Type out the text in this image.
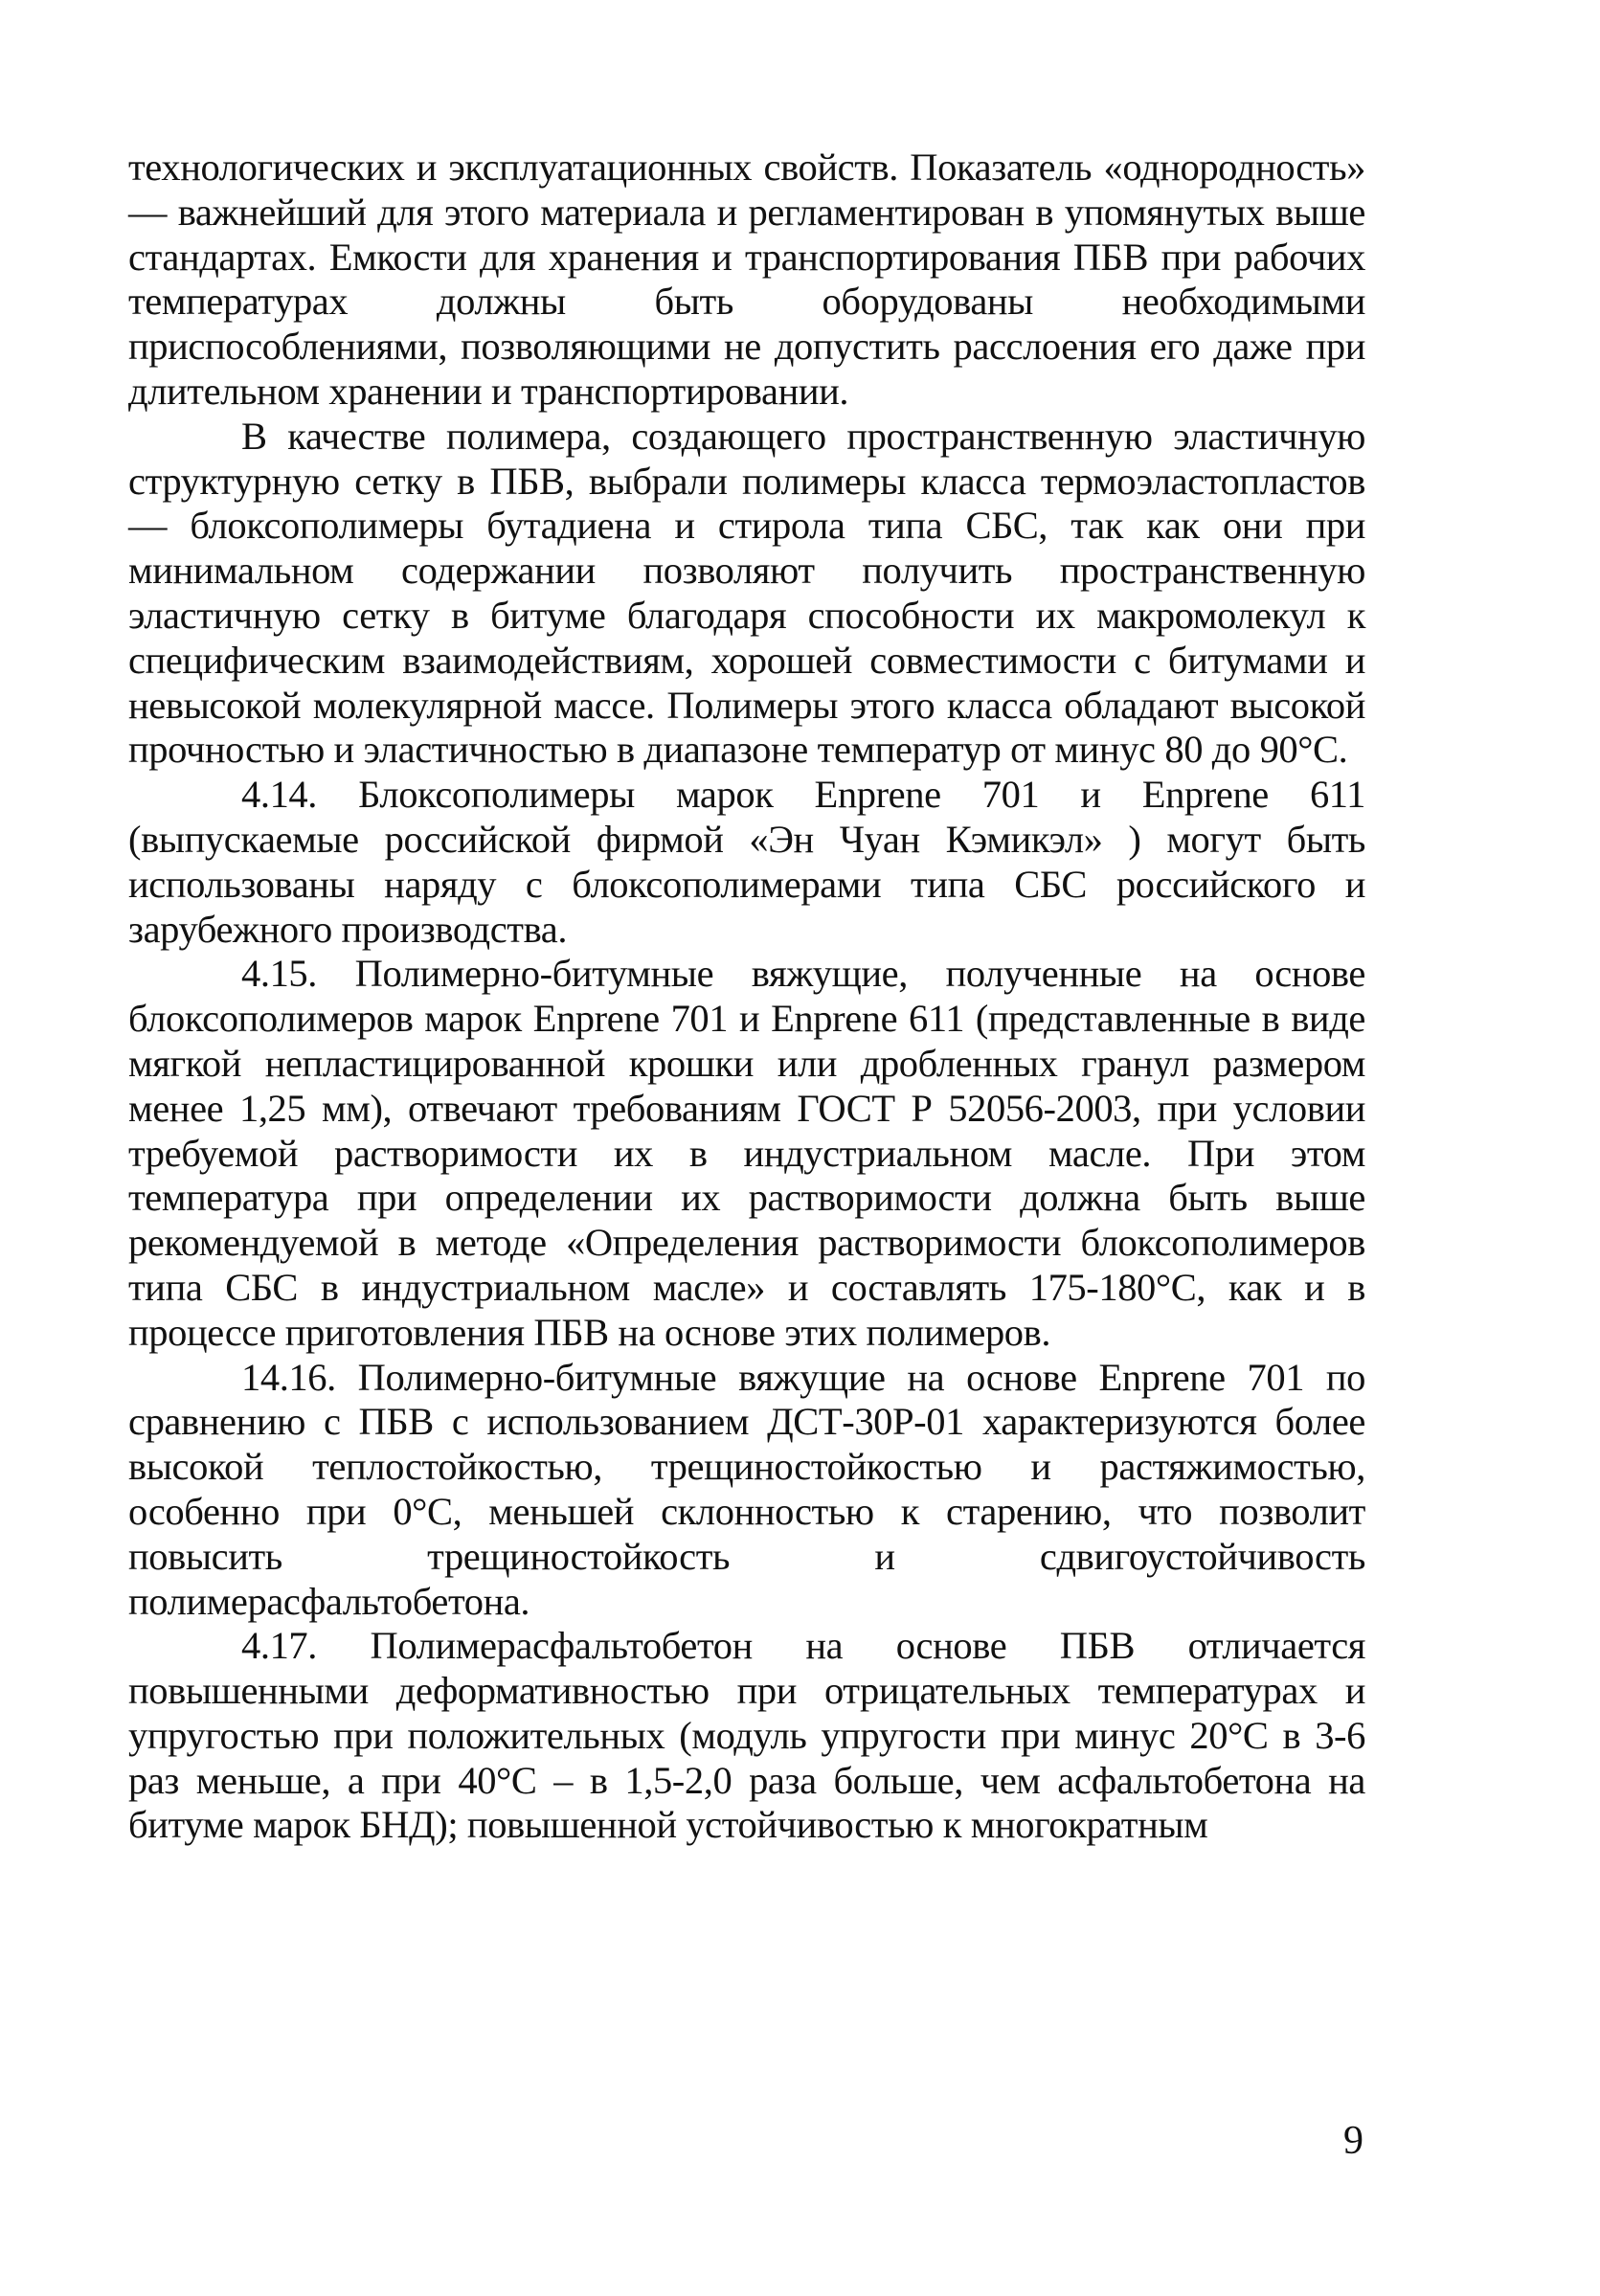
технологических и эксплуатационных свойств. Показатель «однородность» — важнейший для этого материала и регламентирован в упомянутых выше стандартах. Емкости для хранения и транспортирования ПБВ при рабочих температурах должны быть оборудованы необходимыми приспособлениями, позволяющими не допустить расслоения его даже при длительном хранении и транспортировании.

В качестве полимера, создающего пространственную эластичную структурную сетку в ПБВ, выбрали полимеры класса термоэластопластов — блоксополимеры бутадиена и стирола типа СБС, так как они при минимальном содержании позволяют получить пространственную эластичную сетку в битуме благодаря способности их макромолекул к специфическим взаимодействиям, хорошей совместимости с битумами и невысокой молекулярной массе. Полимеры этого класса обладают высокой прочностью и эластичностью в диапазоне температур от минус 80 до 90°С.

4.14. Блоксополимеры марок Enprene 701 и Enprene 611 (выпускаемые российской фирмой «Эн Чуан Кэмикэл» ) могут быть использованы наряду с блоксополимерами типа СБС российского и зарубежного производства.

4.15. Полимерно-битумные вяжущие, полученные на основе блоксополимеров марок Enprene 701 и Enprene 611 (представленные в виде мягкой непластицированной крошки или дробленных гранул размером менее 1,25 мм), отвечают требованиям ГОСТ Р 52056-2003, при условии требуемой растворимости их в индустриальном масле. При этом температура при определении их растворимости должна быть выше рекомендуемой в методе «Определения растворимости блоксополимеров типа СБС в индустриальном масле» и составлять 175-180°С, как и в процессе приготовления ПБВ на основе этих полимеров.

14.16. Полимерно-битумные вяжущие на основе Enprene 701 по сравнению с ПБВ с использованием ДСТ-30Р-01 характеризуются более высокой теплостойкостью, трещиностойкостью и растяжимостью, особенно при 0°С, меньшей склонностью к старению, что позволит повысить трещиностойкость и сдвигоустойчивость полимерасфальтобетона.

4.17. Полимерасфальтобетон на основе ПБВ отличается повышенными деформативностью при отрицательных температурах и упругостью при положительных (модуль упругости при минус 20°С в 3-6 раз меньше, а при 40°С – в 1,5-2,0 раза больше, чем асфальтобетона на битуме марок БНД); повышенной устойчивостью к многократным

9
